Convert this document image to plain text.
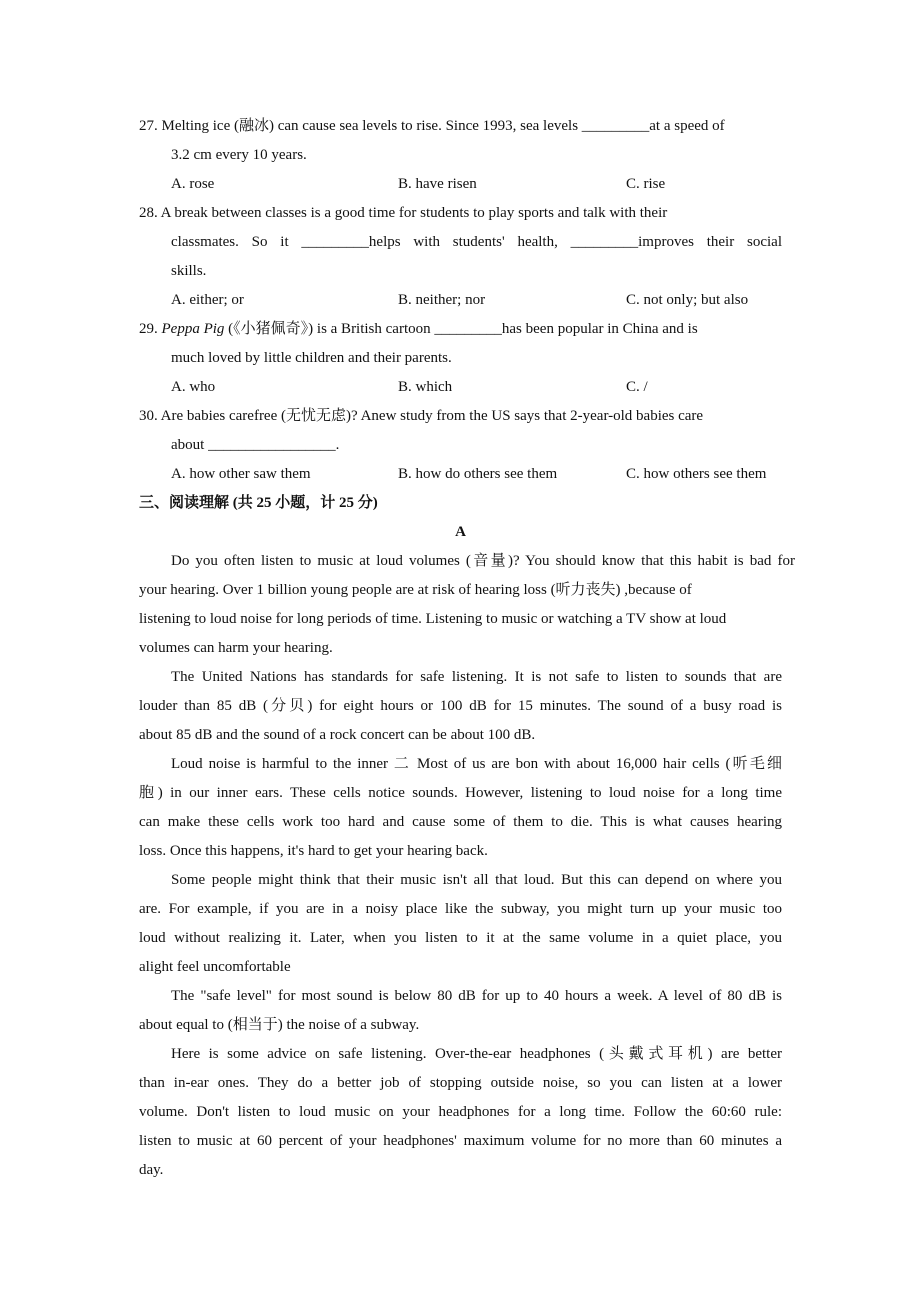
27. Melting ice (融冰) can cause sea levels to rise. Since 1993, sea levels _________at a speed of
3.2 cm every 10 years.
A. rose	B. have risen	C. rise
28. A break between classes is a good time for students to play sports and talk with their
classmates. So it _________helps with students' health, _________improves their social
skills.
A. either; or	B. neither; nor	C. not only; but also
29. Peppa Pig (《小猪佩奇》) is a British cartoon _________has been popular in China and is
much loved by little children and their parents.
A. who	B. which	C. /
30. Are babies carefree (无忧无虑)? Anew study from the US says that 2-year-old babies care
about _________________.
A. how other saw them	B. how do others see them	C. how others see them
三、阅读理解 (共 25 小题，计 25 分)
A
Do you often listen to music at loud volumes (音量)? You should know that this habit is bad for
your hearing. Over 1 billion young people are at risk of hearing loss (听力丧失) ,because of
listening to loud noise for long periods of time. Listening to music or watching a TV show at loud
volumes can harm your hearing.
The United Nations has standards for safe listening. It is not safe to listen to sounds that are
louder than 85 dB (分贝) for eight hours or 100 dB for 15 minutes. The sound of a busy road is
about 85 dB and the sound of a rock concert can be about 100 dB.
Loud noise is harmful to the inner 二 Most of us are bon with about 16,000 hair cells (听毛细
胞) in our inner ears. These cells notice sounds. However, listening to loud noise for a long time
can make these cells work too hard and cause some of them to die. This is what causes hearing
loss. Once this happens, it's hard to get your hearing back.
Some people might think that their music isn't all that loud. But this can depend on where you
are. For example, if you are in a noisy place like the subway, you might turn up your music too
loud without realizing it. Later, when you listen to it at the same volume in a quiet place, you
alight feel uncomfortable
The "safe level" for most sound is below 80 dB for up to 40 hours a week. A level of 80 dB is
about equal to (相当于) the noise of a subway.
Here is some advice on safe listening. Over-the-ear headphones (头戴式耳机) are better
than in-ear ones. They do a better job of stopping outside noise, so you can listen at a lower
volume. Don't listen to loud music on your headphones for a long time. Follow the 60:60 rule:
listen to music at 60 percent of your headphones' maximum volume for no more than 60 minutes a
day.
